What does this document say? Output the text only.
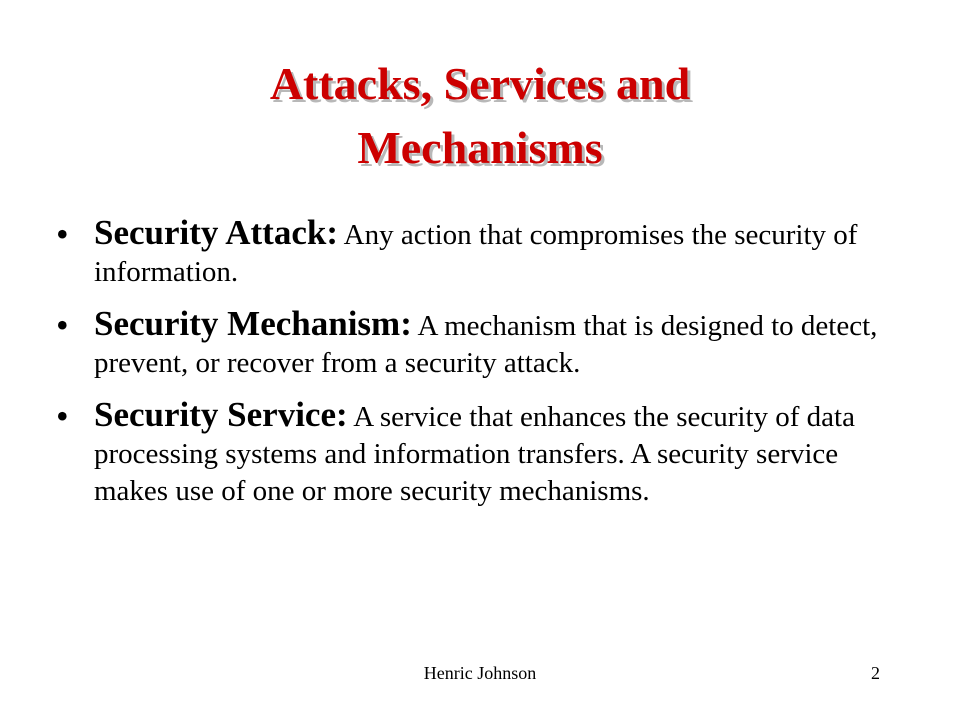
Attacks, Services and
Mechanisms
• Security Attack: Any action that compromises the security of information.
• Security Mechanism: A mechanism that is designed to detect, prevent, or recover from a security attack.
• Security Service: A service that enhances the security of data processing systems and information transfers. A security service makes use of one or more security mechanisms.
Henric Johnson	2
